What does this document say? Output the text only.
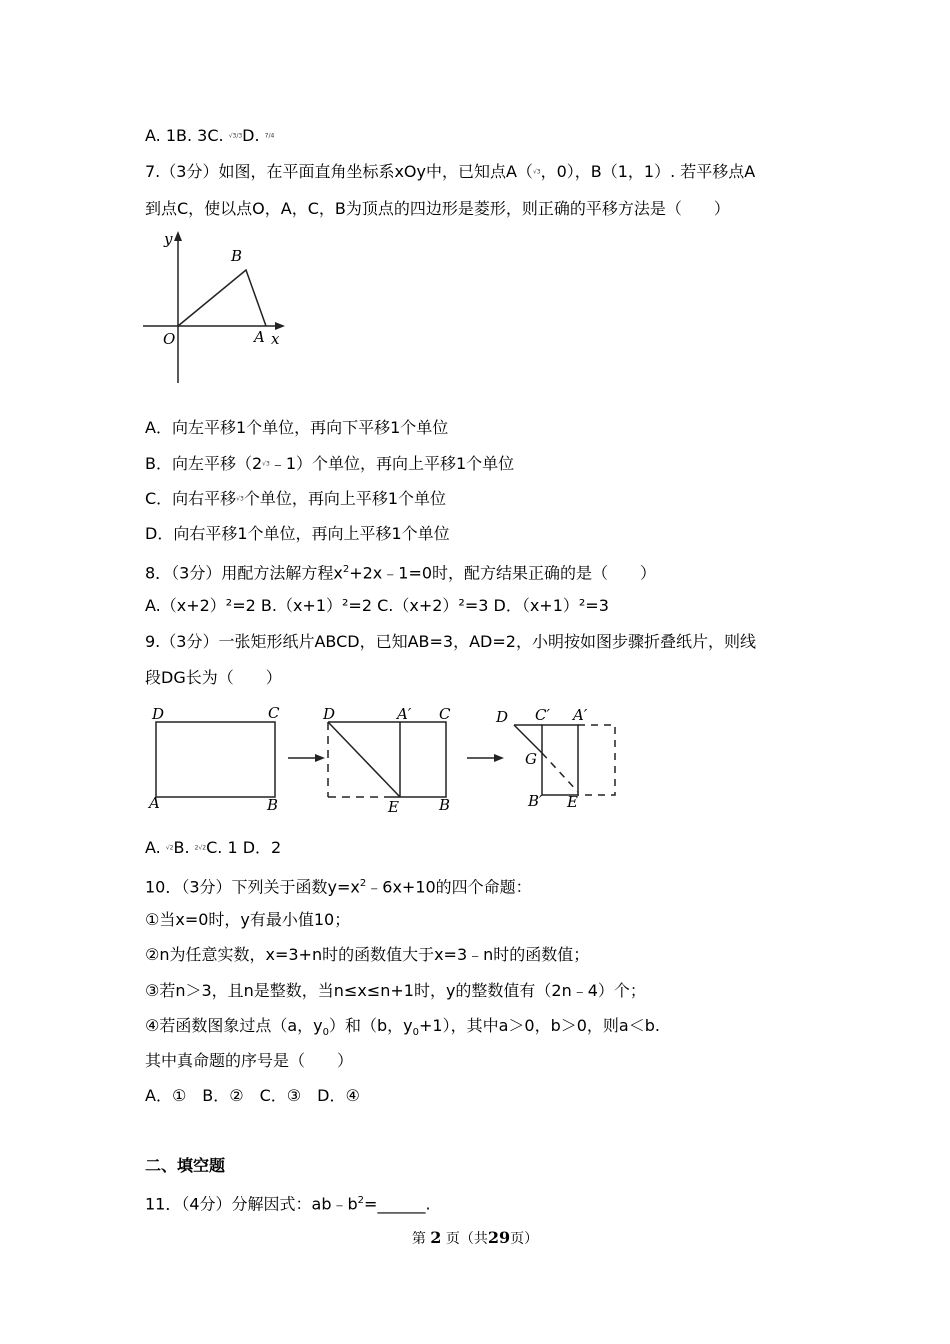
A. 1B. 3C. √3/3D. 7/4
7.（3分）如图，在平面直角坐标系xOy中，已知点A（√3，0），B（1，1）. 若平移点A
到点C，使以点O，A，C，B为顶点的四边形是菱形，则正确的平移方法是（　　）
y
B
O	A x
A．向左平移1个单位，再向下平移1个单位
B．向左平移（2√3﹣1）个单位，再向上平移1个单位
C．向右平移√3个单位，再向上平移1个单位
D．向右平移1个单位，再向上平移1个单位
8．（3分）用配方法解方程$x^2+2x﹣1=0$时，配方结果正确的是（　　）
A.（x+2）²=2 B.（x+1）²=2 C.（x+2）²=3 D．（x+1）²=3
9.（3分）一张矩形纸片ABCD，已知AB=3，AD=2，小明按如图步骤折叠纸片，则线
段DG长为（　　）
D	C
A	B
D	A′ C
E	B
D C′ A′
G
B′ E
A. √2B. 2√2C. 1 D．2
10．（3分）下列关于函数$y=x^2﹣6x+10$的四个命题：
①当x=0时，y有最小值10；
②n为任意实数，x=3+n时的函数值大于x=3﹣n时的函数值；
③若n＞3，且n是整数，当n≤x≤n+1时，y的整数值有（2n﹣4）个；
④若函数图象过点（a，$y_0$）和（b，$y_0+1$），其中a＞0，b＞0，则a＜b.
其中真命题的序号是（　　）
A．①　B．②　C．③　D．④
二、填空题
11．（4分）分解因式：$ab﹣b^2=\_\_\_\_\_\_$.
第 2 页（共29页）
